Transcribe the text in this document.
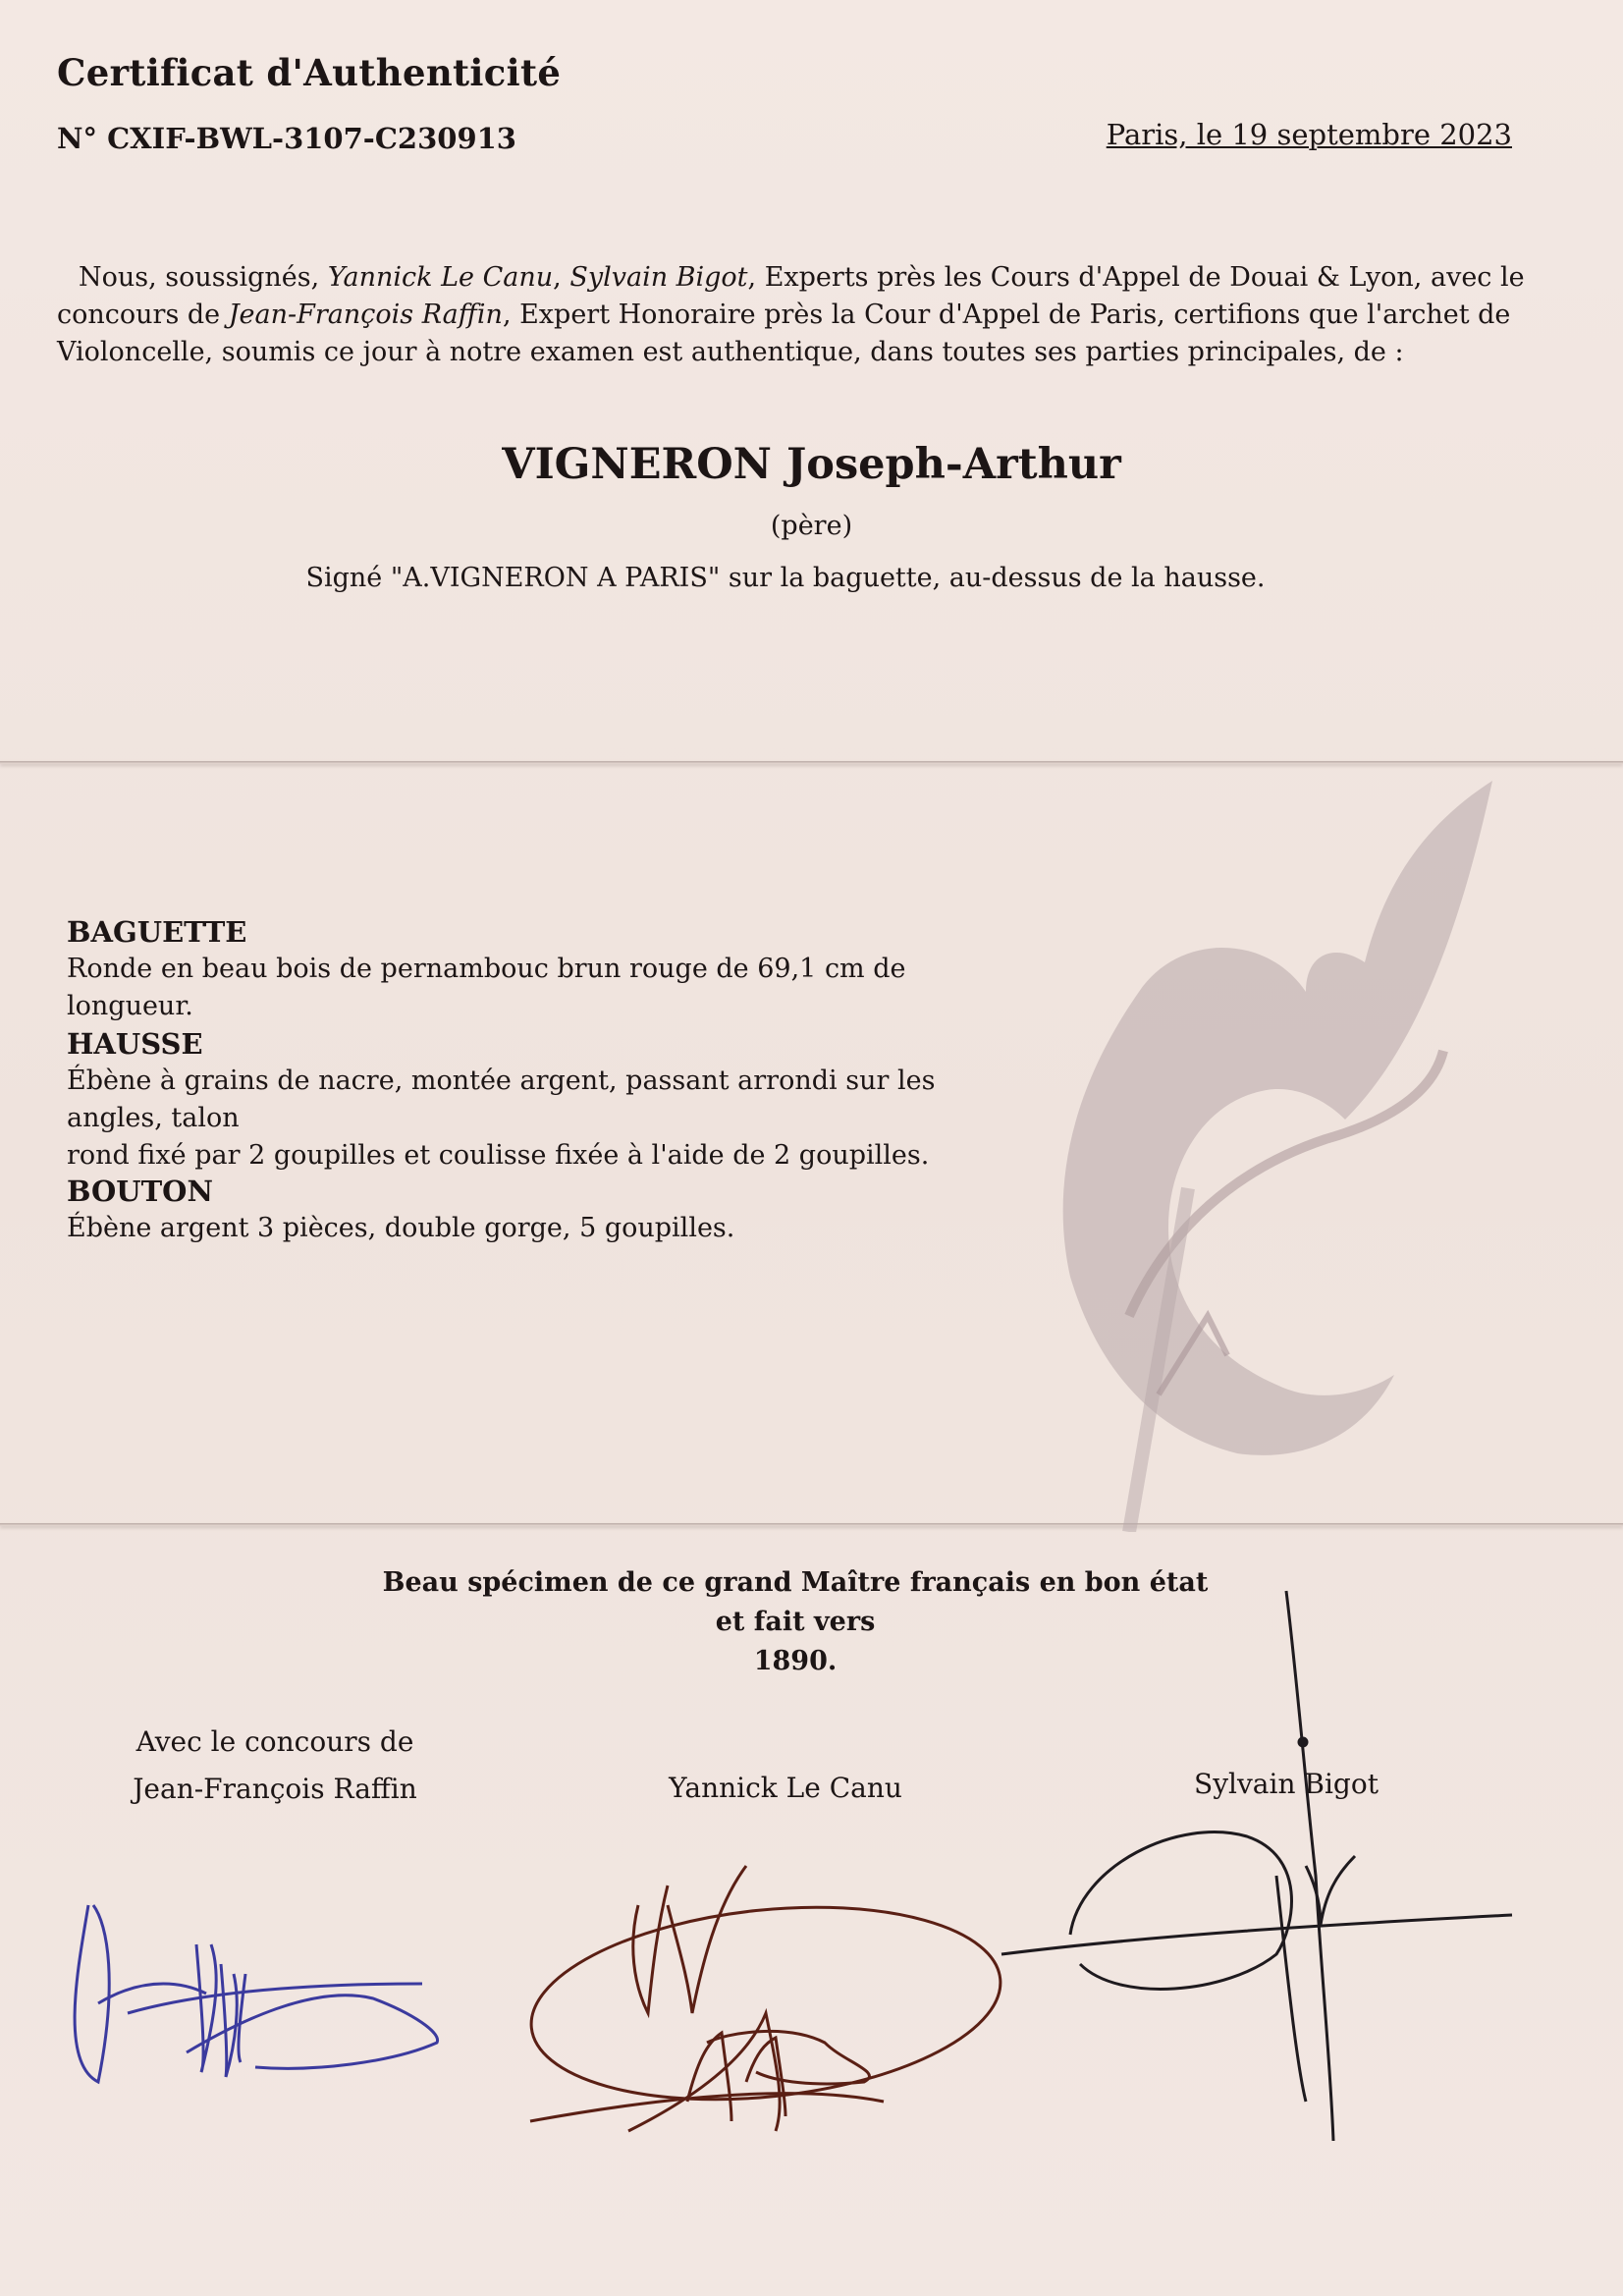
Certificat d'Authenticité
N° CXIF-BWL-3107-C230913	Paris, le 19 septembre 2023
Nous, soussignés, Yannick Le Canu, Sylvain Bigot, Experts près les Cours d'Appel de Douai & Lyon, avec le concours de Jean-François Raffin, Expert Honoraire près la Cour d'Appel de Paris, certifions que l'archet de Violoncelle, soumis ce jour à notre examen est authentique, dans toutes ses parties principales, de :
VIGNERON Joseph-Arthur
(père)
Signé "A.VIGNERON A PARIS" sur la baguette, au-dessus de la hausse.
BAGUETTE
Ronde en beau bois de pernambouc brun rouge de 69,1 cm de longueur.
HAUSSE
Ébène à grains de nacre, montée argent, passant arrondi sur les angles, talon
rond fixé par 2 goupilles et coulisse fixée à l'aide de 2 goupilles.
BOUTON
Ébène argent 3 pièces, double gorge, 5 goupilles.
Beau spécimen de ce grand Maître français en bon état et fait vers
1890.
Avec le concours de
Jean-François Raffin	Yannick Le Canu	Sylvain Bigot
